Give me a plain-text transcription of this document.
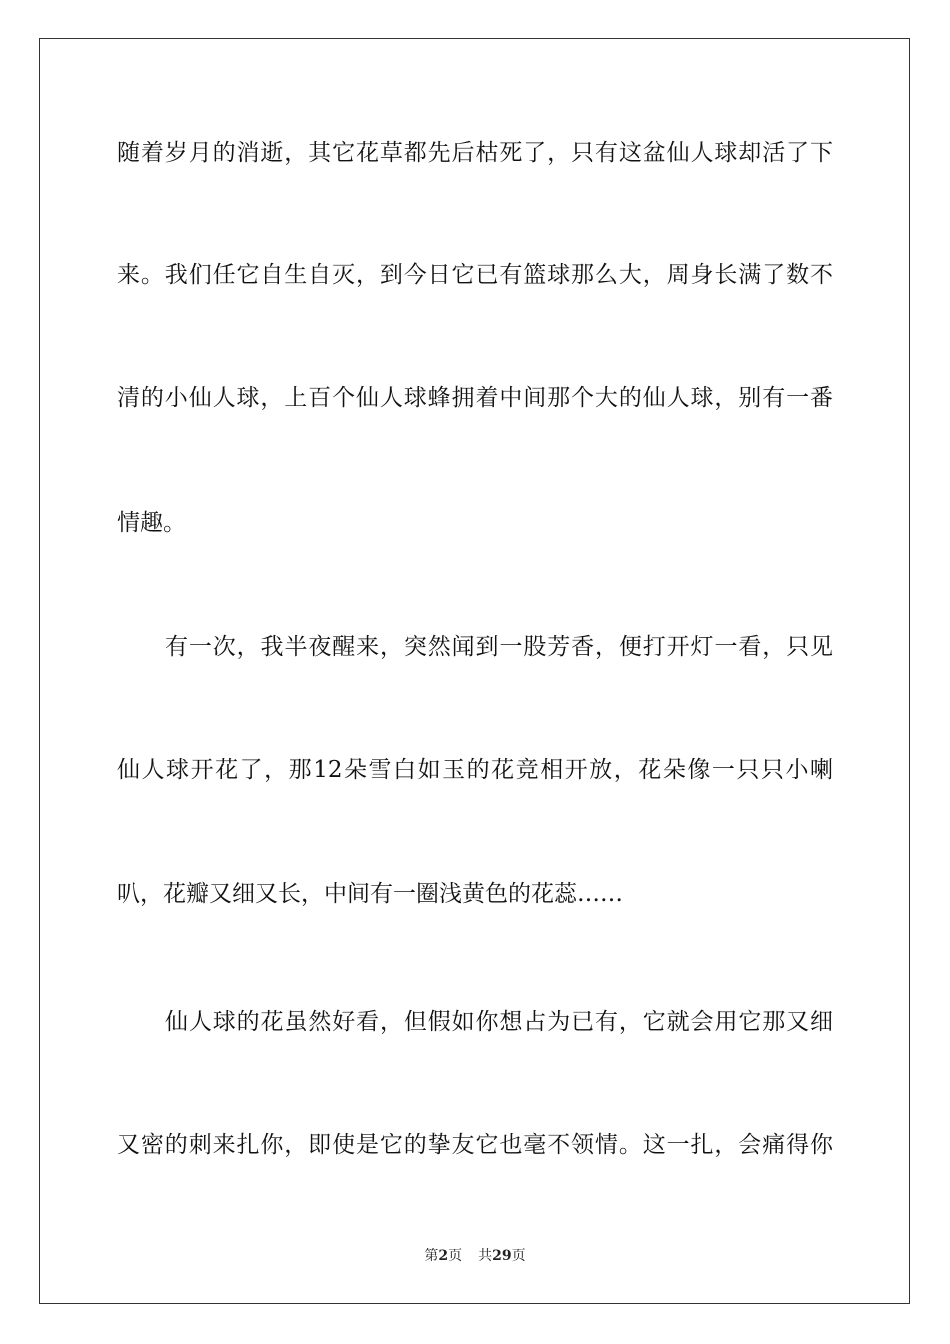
随着岁月的消逝，其它花草都先后枯死了，只有这盆仙人球却活了下
来。我们任它自生自灭，到今日它已有篮球那么大，周身长满了数不
清的小仙人球，上百个仙人球蜂拥着中间那个大的仙人球，别有一番
情趣。
有一次，我半夜醒来，突然闻到一股芳香，便打开灯一看，只见
仙人球开花了，那12朵雪白如玉的花竞相开放，花朵像一只只小喇
叭，花瓣又细又长，中间有一圈浅黄色的花蕊……
仙人球的花虽然好看，但假如你想占为已有，它就会用它那又细
又密的刺来扎你，即使是它的挚友它也毫不领情。这一扎，会痛得你
第2页 共29页
